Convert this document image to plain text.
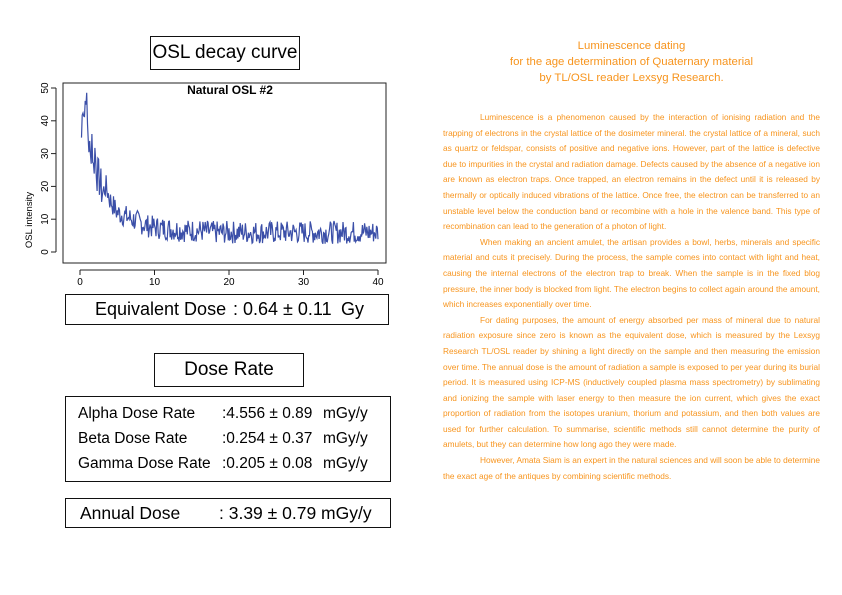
OSL decay curve
Natural OSL #2
OSL intensity
0	10	20	30	40
0
10
20
30
40
50
Equivalent Dose : 0.64 ± 0.11 Gy
Dose Rate
Alpha Dose Rate :4.556 ± 0.89 mGy/y
Beta Dose Rate :0.254 ± 0.37 mGy/y
Gamma Dose Rate :0.205 ± 0.08 mGy/y
Annual Dose : 3.39 ± 0.79 mGy/y
Luminescence dating
for the age determination of Quaternary material
by TL/OSL reader Lexsyg Research.

Luminescence is a phenomenon caused by the interaction of ionising radiation and the trapping of electrons in the crystal lattice of the dosimeter mineral. the crystal lattice of a mineral, such as quartz or feldspar, consists of positive and negative ions. However, part of the lattice is defective due to impurities in the crystal and radiation damage. Defects caused by the absence of a negative ion are known as electron traps. Once trapped, an electron remains in the defect until it is released by thermally or optically induced vibrations of the lattice. Once free, the electron can be transferred to an unstable level below the conduction band or recombine with a hole in the valence band. This type of recombination can lead to the generation of a photon of light.

When making an ancient amulet, the artisan provides a bowl, herbs, minerals and specific material and cuts it precisely. During the process, the sample comes into contact with light and heat, causing the internal electrons of the electron trap to break. When the sample is in the fixed blog pressure, the inner body is blocked from light. The electron begins to collect again around the amount, which increases exponentially over time.

For dating purposes, the amount of energy absorbed per mass of mineral due to natural radiation exposure since zero is known as the equivalent dose, which is measured by the Lexsyg Research TL/OSL reader by shining a light directly on the sample and then measuring the emission over time. The annual dose is the amount of radiation a sample is exposed to per year during its burial period. It is measured using ICP-MS (inductively coupled plasma mass spectrometry) by sublimating and ionizing the sample with laser energy to then measure the ion current, which gives the exact proportion of radiation from the isotopes uranium, thorium and potassium, and then both values are used for further calculation. To summarise, scientific methods still cannot determine the purity of amulets, but they can determine how long ago they were made.

However, Amata Siam is an expert in the natural sciences and will soon be able to determine the exact age of the antiques by combining scientific methods.
